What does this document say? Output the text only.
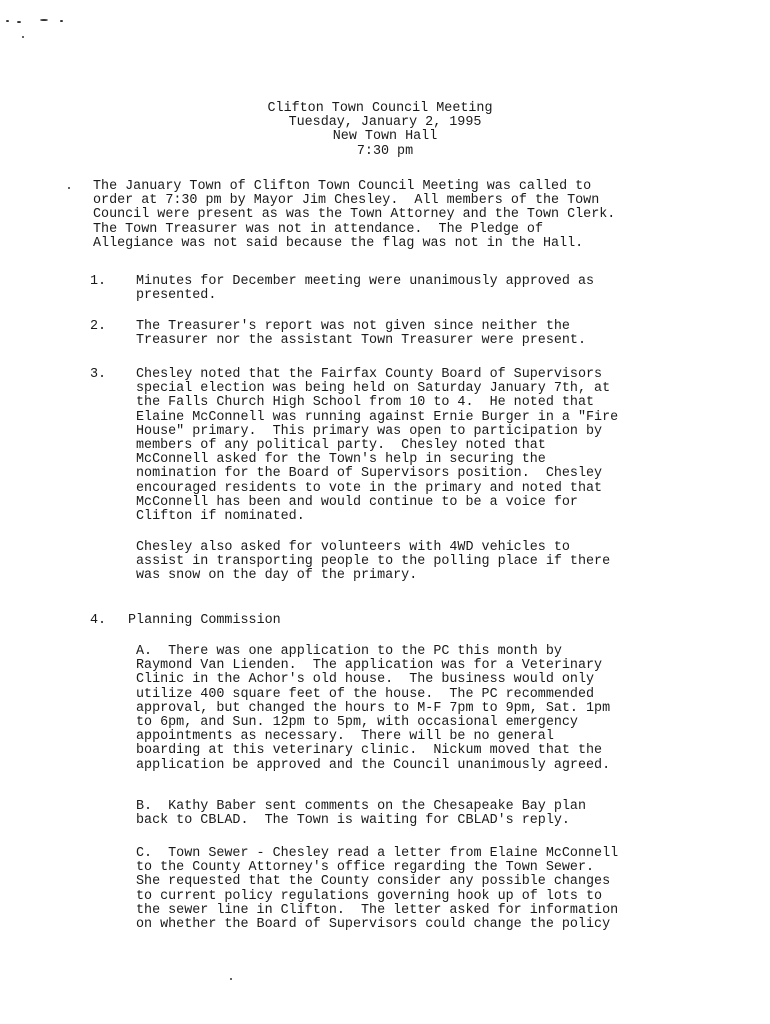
Clifton Town Council Meeting
Tuesday, January 2, 1995
New Town Hall
7:30 pm
The January Town of Clifton Town Council Meeting was called to
order at 7:30 pm by Mayor Jim Chesley.  All members of the Town
Council were present as was the Town Attorney and the Town Clerk.
The Town Treasurer was not in attendance.  The Pledge of
Allegiance was not said because the flag was not in the Hall.
1. Minutes for December meeting were unanimously approved as
presented.
2. The Treasurer's report was not given since neither the
Treasurer nor the assistant Town Treasurer were present.
3. Chesley noted that the Fairfax County Board of Supervisors
special election was being held on Saturday January 7th, at
the Falls Church High School from 10 to 4.  He noted that
Elaine McConnell was running against Ernie Burger in a "Fire
House" primary.  This primary was open to participation by
members of any political party.  Chesley noted that
McConnell asked for the Town's help in securing the
nomination for the Board of Supervisors position.  Chesley
encouraged residents to vote in the primary and noted that
McConnell has been and would continue to be a voice for
Clifton if nominated.
Chesley also asked for volunteers with 4WD vehicles to
assist in transporting people to the polling place if there
was snow on the day of the primary.
4. Planning Commission
A.  There was one application to the PC this month by
Raymond Van Lienden.  The application was for a Veterinary
Clinic in the Achor's old house.  The business would only
utilize 400 square feet of the house.  The PC recommended
approval, but changed the hours to M-F 7pm to 9pm, Sat. 1pm
to 6pm, and Sun. 12pm to 5pm, with occasional emergency
appointments as necessary.  There will be no general
boarding at this veterinary clinic.  Nickum moved that the
application be approved and the Council unanimously agreed.
B.  Kathy Baber sent comments on the Chesapeake Bay plan
back to CBLAD.  The Town is waiting for CBLAD's reply.
C.  Town Sewer - Chesley read a letter from Elaine McConnell
to the County Attorney's office regarding the Town Sewer.
She requested that the County consider any possible changes
to current policy regulations governing hook up of lots to
the sewer line in Clifton.  The letter asked for information
on whether the Board of Supervisors could change the policy
